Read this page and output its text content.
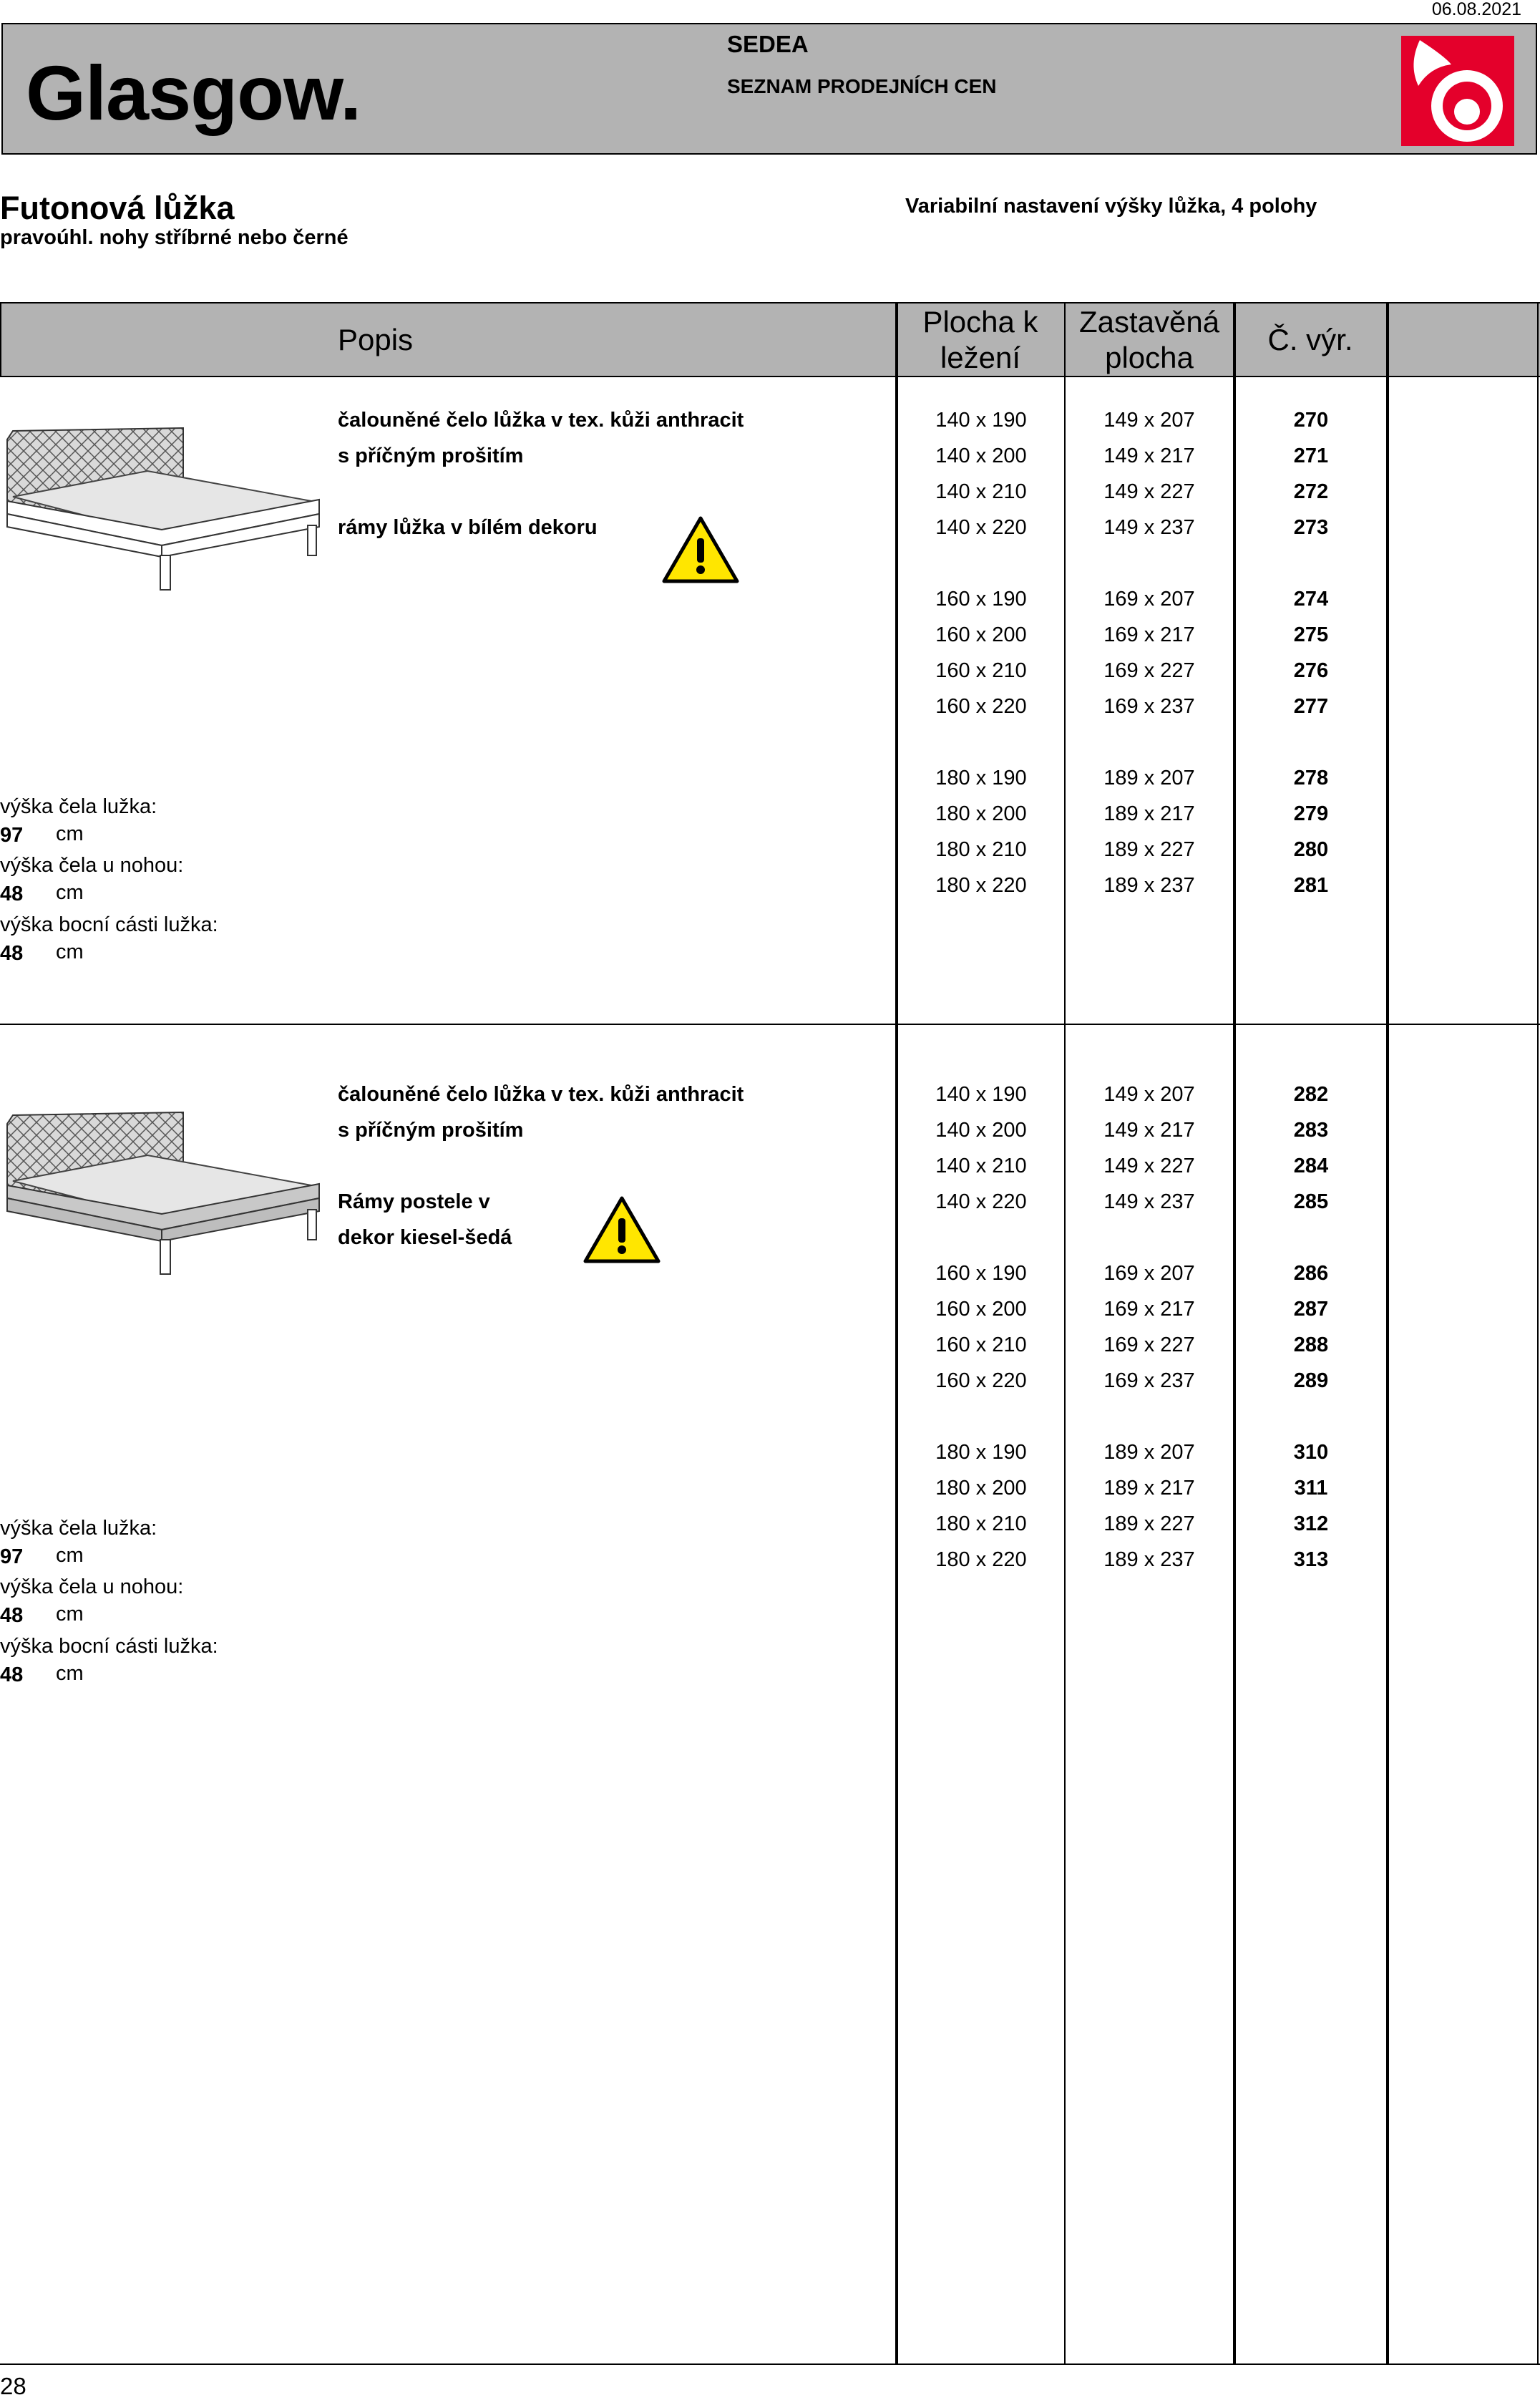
06.08.2021
Glasgow.
SEDEA
SEZNAM PRODEJNÍCH CEN
Futonová lůžka
pravoúhl. nohy stříbrné nebo černé
Variabilní nastavení výšky lůžka, 4 polohy
Popis
Plocha k
ležení
Zastavěná
plocha
Č. výr.
čalouněné čelo lůžka v tex. kůži anthracit
s příčným prošitím
rámy lůžka v bílém dekoru
výška čela lužka:
97 cm
výška čela u nohou:
48 cm
výška bocní cásti lužka:
48 cm
140 x 190	149 x 207	270
140 x 200	149 x 217	271
140 x 210	149 x 227	272
140 x 220	149 x 237	273
160 x 190	169 x 207	274
160 x 200	169 x 217	275
160 x 210	169 x 227	276
160 x 220	169 x 237	277
180 x 190	189 x 207	278
180 x 200	189 x 217	279
180 x 210	189 x 227	280
180 x 220	189 x 237	281
čalouněné čelo lůžka v tex. kůži anthracit
s příčným prošitím
Rámy postele v
dekor kiesel-šedá
výška čela lužka:
97 cm
výška čela u nohou:
48 cm
výška bocní cásti lužka:
48 cm
140 x 190	149 x 207	282
140 x 200	149 x 217	283
140 x 210	149 x 227	284
140 x 220	149 x 237	285
160 x 190	169 x 207	286
160 x 200	169 x 217	287
160 x 210	169 x 227	288
160 x 220	169 x 237	289
180 x 190	189 x 207	310
180 x 200	189 x 217	311
180 x 210	189 x 227	312
180 x 220	189 x 237	313
28
